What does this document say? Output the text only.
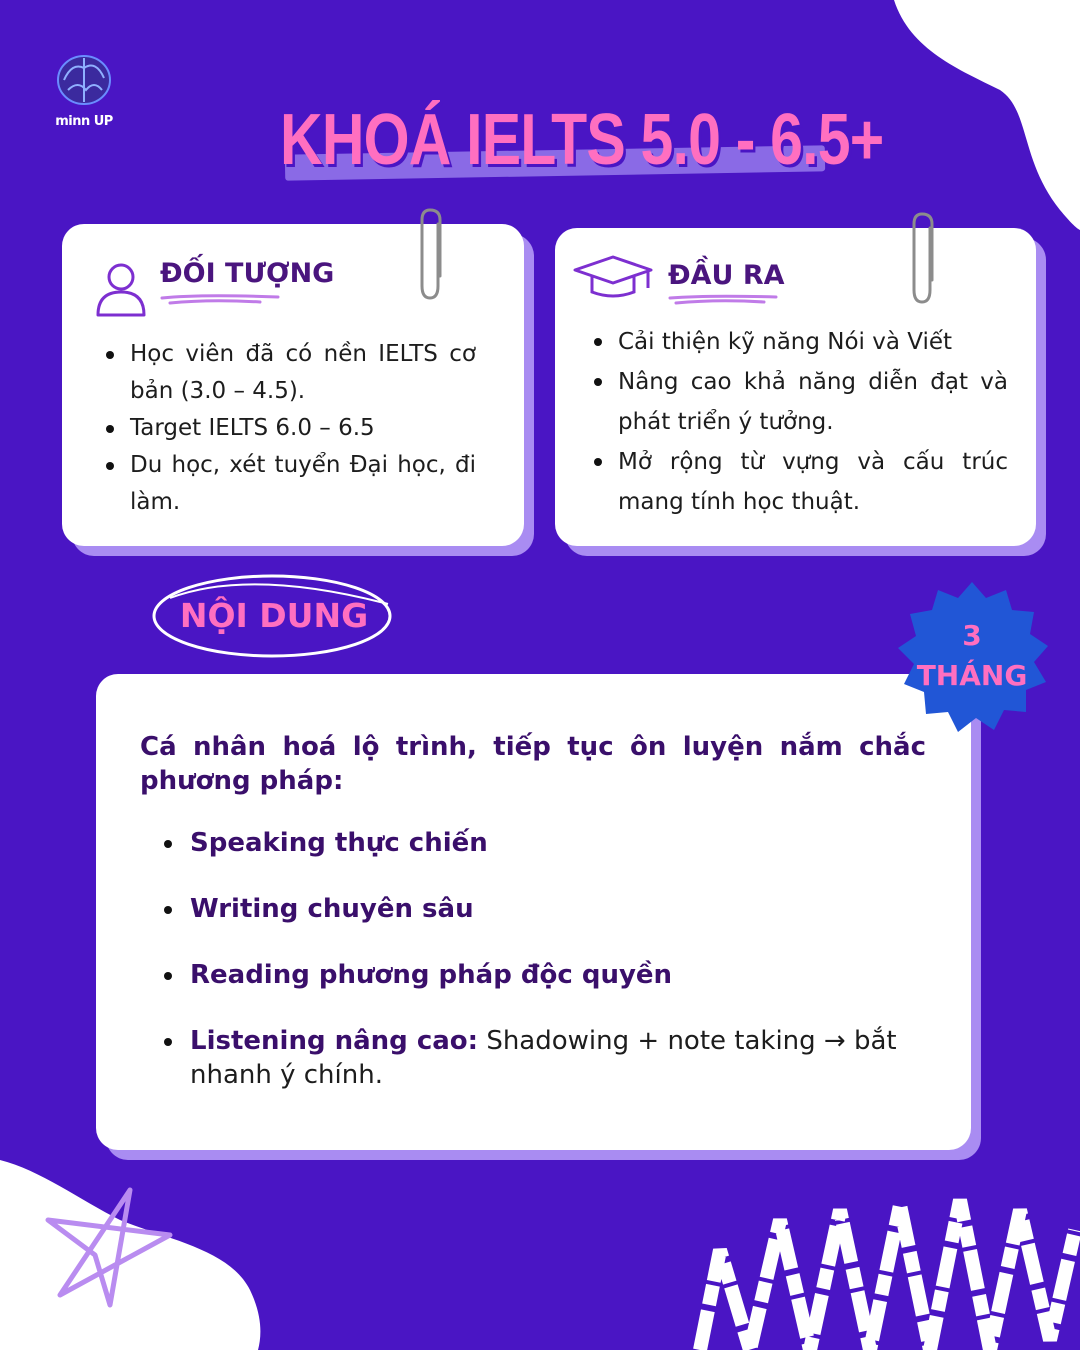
minn UP KHOÁ IELTS 5.0 - 6.5+
ĐỐI TƯỢNG
Học viên đã có nền IELTS cơ bản (3.0 – 4.5).
Target IELTS 6.0 – 6.5
Du học, xét tuyển Đại học, đi làm.
ĐẦU RA
Cải thiện kỹ năng Nói và Viết
Nâng cao khả năng diễn đạt và phát triển ý tưởng.
Mở rộng từ vựng và cấu trúc mang tính học thuật.
NỘI DUNG
3
THÁNG
Cá nhân hoá lộ trình, tiếp tục ôn luyện nắm chắc phương pháp:
Speaking thực chiến
Writing chuyên sâu
Reading phương pháp độc quyền
Listening nâng cao: Shadowing + note taking → bắt nhanh ý chính.
